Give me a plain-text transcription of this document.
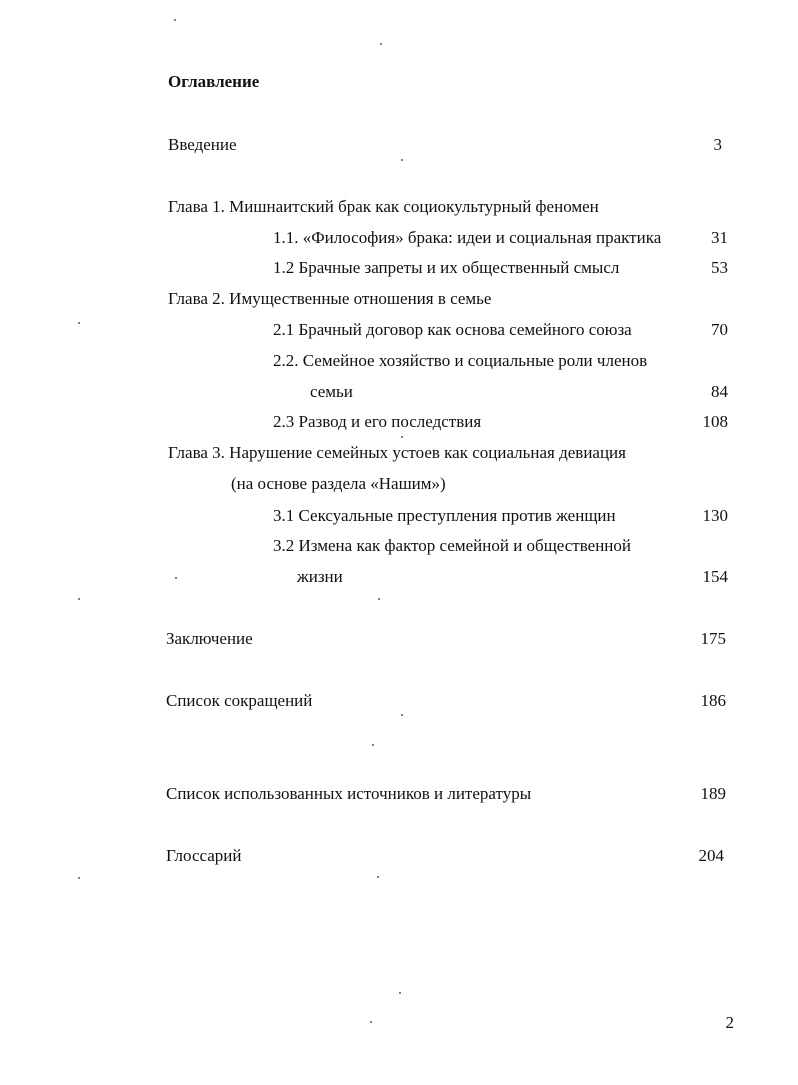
Оглавление
Введение	3
Глава 1. Мишнаитский брак как социокультурный феномен
1.1. «Философия» брака: идеи и социальная практика	31
1.2 Брачные запреты и их общественный смысл	53
Глава 2. Имущественные отношения в семье
2.1 Брачный договор как основа семейного союза	70
2.2. Семейное хозяйство и социальные роли членов
семьи	84
2.3 Развод и его последствия	108
Глава 3. Нарушение семейных устоев как социальная девиация
(на основе раздела «Нашим»)
3.1 Сексуальные преступления против женщин	130
3.2 Измена как фактор семейной и общественной
жизни	154
Заключение	175
Список сокращений	186
Список использованных источников и литературы	189
Глоссарий	204
2
